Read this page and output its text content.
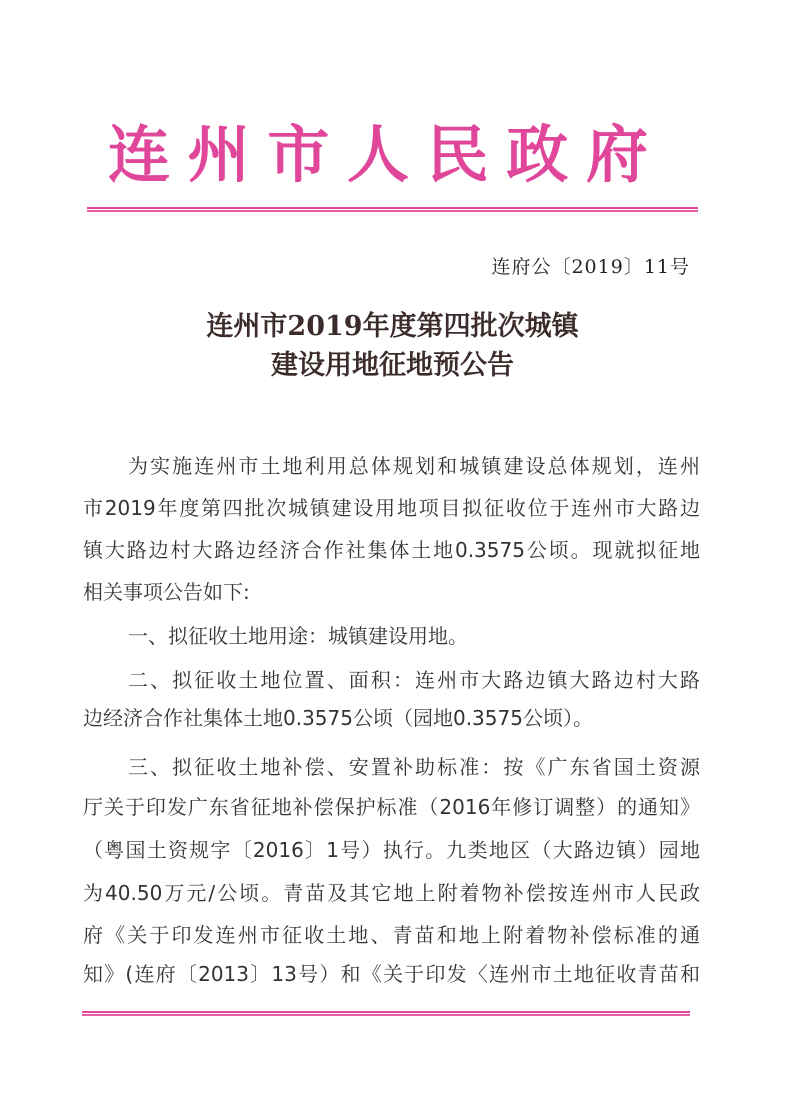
连 州 市 人 民 政 府
连府公〔2019〕11号
连州市2019年度第四批次城镇
建设用地征地预公告
为实施连州市土地利用总体规划和城镇建设总体规划，连州
市2019年度第四批次城镇建设用地项目拟征收位于连州市大路边
镇大路边村大路边经济合作社集体土地0.3575公顷。现就拟征地
相关事项公告如下:
一、拟征收土地用途：城镇建设用地。
二、拟征收土地位置、面积：连州市大路边镇大路边村大路
边经济合作社集体土地0.3575公顷（园地0.3575公顷）。
三、拟征收土地补偿、安置补助标准：按《广东省国土资源
厅关于印发广东省征地补偿保护标准（2016年修订调整）的通知》
（粤国土资规字〔2016〕1号）执行。九类地区（大路边镇）园地
为40.50万元/公顷。青苗及其它地上附着物补偿按连州市人民政
府《关于印发连州市征收土地、青苗和地上附着物补偿标准的通
知》(连府〔2013〕13号）和《关于印发〈连州市土地征收青苗和
